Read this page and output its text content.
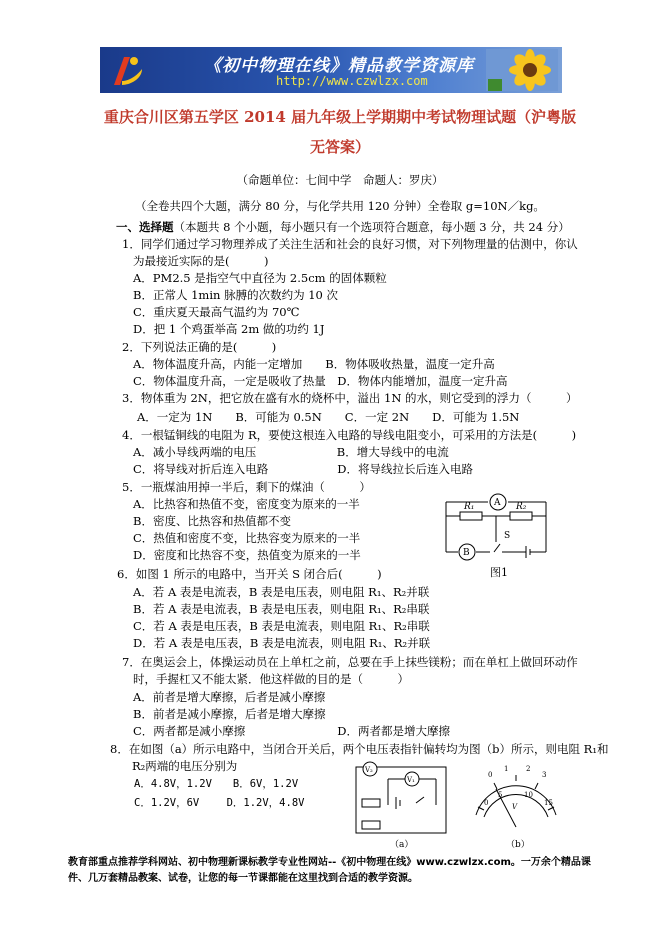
《初中物理在线》精品教学资源库
http://www.czwlzx.com
重庆合川区第五学区 2014 届九年级上学期期中考试物理试题（沪粤版
无答案）
（命题单位：七间中学　命题人：罗庆）
（全卷共四个大题，满分 80 分，与化学共用 120 分钟）全卷取 g=10N／kg。
一、选择题（本题共 8 个小题，每小题只有一个选项符合题意，每小题 3 分，共 24 分）
1．同学们通过学习物理养成了关注生活和社会的良好习惯，对下列物理量的估测中，你认
为最接近实际的是(　　　)
A．PM2.5 是指空气中直径为 2.5cm 的固体颗粒
B．正常人 1min 脉膊的次数约为 10 次
C．重庆夏天最高气温约为 70℃
D．把 1 个鸡蛋举高 2m 做的功约 1J
2．下列说法正确的是(　　　)
A．物体温度升高，内能一定增加　　B．物体吸收热量，温度一定升高
C．物体温度升高，一定是吸收了热量　D．物体内能增加，温度一定升高
3．物体重为 2N，把它放在盛有水的烧杯中，溢出 1N 的水，则它受到的浮力（　　　）
A．一定为 1N　　B．可能为 0.5N　　C．一定 2N　　D．可能为 1.5N
4．一根锰铜线的电阻为 R，要使这根连入电路的导线电阻变小，可采用的方法是(　　　)
A．减小导线两端的电压　　　　　　　B．增大导线中的电流
C．将导线对折后连入电路　　　　　　D．将导线拉长后连入电路
5．一瓶煤油用掉一半后，剩下的煤油（　　　）
A．比热容和热值不变，密度变为原来的一半
B．密度、比热容和热值都不变
C．热值和密度不变，比热容变为原来的一半
D．密度和比热容不变，热值变为原来的一半
6．如图 1 所示的电路中，当开关 S 闭合后(　　　)
A．若 A 表是电流表，B 表是电压表，则电阻 R₁、R₂并联
B．若 A 表是电流表，B 表是电压表，则电阻 R₁、R₂串联
C．若 A 表是电压表，B 表是电流表，则电阻 R₁、R₂串联
D．若 A 表是电压表，B 表是电流表，则电阻 R₁、R₂并联
7．在奥运会上，体操运动员在上单杠之前，总要在手上抹些镁粉；而在单杠上做回环动作
时，手握杠又不能太紧．他这样做的目的是（　　　）
A．前者是增大摩擦，后者是减小摩擦
B．前者是减小摩擦，后者是增大摩擦
C．两者都是减小摩擦　　　　　　　　D．两者都是增大摩擦
8．在如图（a）所示电路中，当闭合开关后，两个电压表指针偏转均为图（b）所示，则电阻 R₁和
R₂两端的电压分别为
A．4.8V，1.2V　　B．6V，1.2V
C．1.2V，6V　　 D．1.2V，4.8V
A
B
R₁	R₂
S
图1
V₂
V₁
（a）
0
1	2
3
0
5	10
15
V
（b）
教育部重点推荐学科网站、初中物理新课标教学专业性网站--《初中物理在线》www.czwlzx.com。一万余个精品课
件、几万套精品教案、试卷，让您的每一节课都能在这里找到合适的教学资源。
